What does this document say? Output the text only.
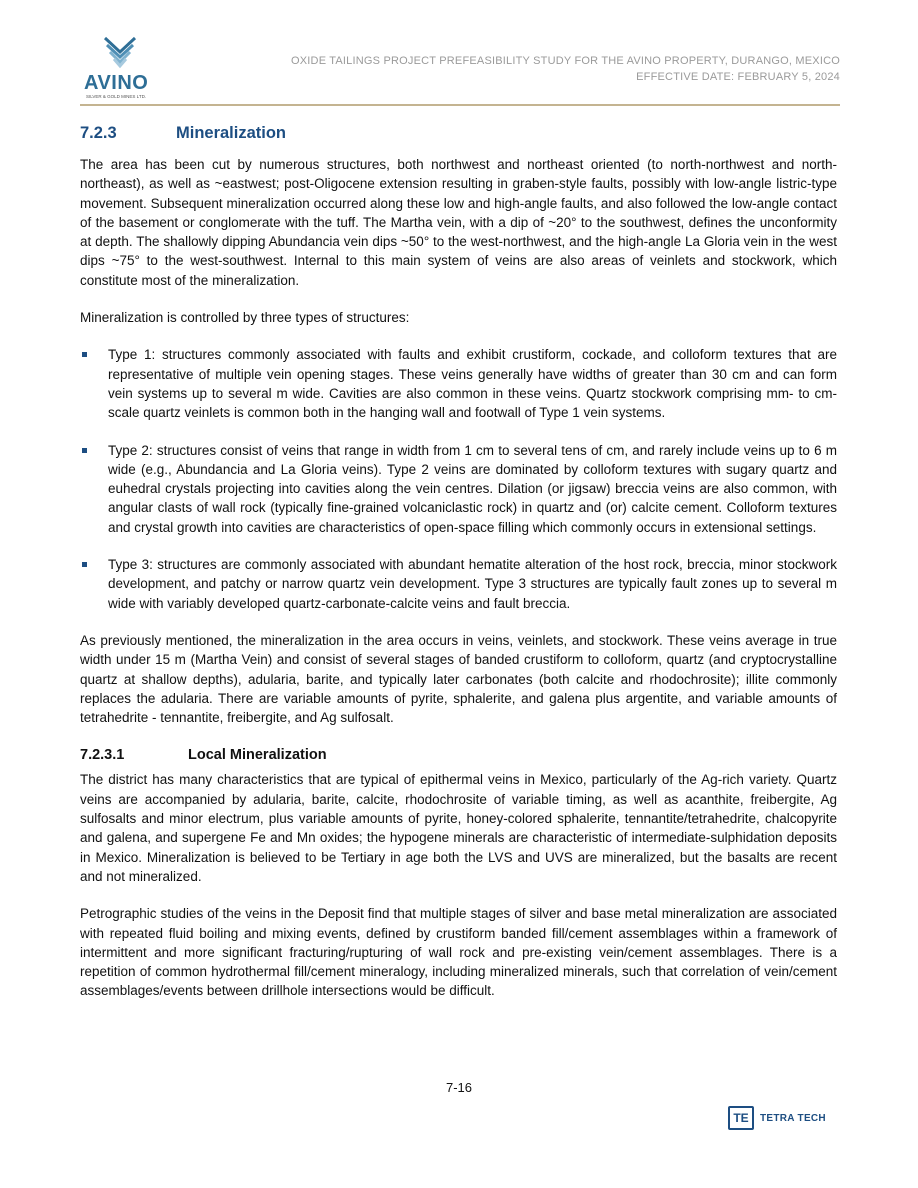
AVINO
SILVER & GOLD MINES LTD.
OXIDE TAILINGS PROJECT PREFEASIBILITY STUDY FOR THE AVINO PROPERTY, DURANGO, MEXICO
EFFECTIVE DATE: FEBRUARY 5, 2024
7.2.3	Mineralization

The area has been cut by numerous structures, both northwest and northeast oriented (to north-northwest and north-northeast), as well as ~eastwest; post-Oligocene extension resulting in graben-style faults, possibly with low-angle listric-type movement. Subsequent mineralization occurred along these low and high-angle faults, and also followed the low-angle contact of the basement or conglomerate with the tuff. The Martha vein, with a dip of ~20° to the southwest, defines the unconformity at depth. The shallowly dipping Abundancia vein dips ~50° to the west-northwest, and the high-angle La Gloria vein in the west dips ~75° to the west-southwest. Internal to this main system of veins are also areas of veinlets and stockwork, which constitute most of the mineralization.

Mineralization is controlled by three types of structures:

Type 1: structures commonly associated with faults and exhibit crustiform, cockade, and colloform textures that are representative of multiple vein opening stages. These veins generally have widths of greater than 30 cm and can form vein systems up to several m wide. Cavities are also common in these veins. Quartz stockwork comprising mm- to cm-scale quartz veinlets is common both in the hanging wall and footwall of Type 1 vein systems.
Type 2: structures consist of veins that range in width from 1 cm to several tens of cm, and rarely include veins up to 6 m wide (e.g., Abundancia and La Gloria veins). Type 2 veins are dominated by colloform textures with sugary quartz and euhedral crystals projecting into cavities along the vein centres. Dilation (or jigsaw) breccia veins are also common, with angular clasts of wall rock (typically fine-grained volcaniclastic rock) in quartz and (or) calcite cement. Colloform textures and crystal growth into cavities are characteristics of open-space filling which commonly occurs in extensional settings.
Type 3: structures are commonly associated with abundant hematite alteration of the host rock, breccia, minor stockwork development, and patchy or narrow quartz vein development. Type 3 structures are typically fault zones up to several m wide with variably developed quartz-carbonate-calcite veins and fault breccia.

As previously mentioned, the mineralization in the area occurs in veins, veinlets, and stockwork. These veins average in true width under 15 m (Martha Vein) and consist of several stages of banded crustiform to colloform, quartz (and cryptocrystalline quartz at shallow depths), adularia, barite, and typically later carbonates (both calcite and rhodochrosite); illite commonly replaces the adularia. There are variable amounts of pyrite, sphalerite, and galena plus argentite, and variable amounts of tetrahedrite - tennantite, freibergite, and Ag sulfosalt.

7.2.3.1	Local Mineralization

The district has many characteristics that are typical of epithermal veins in Mexico, particularly of the Ag-rich variety. Quartz veins are accompanied by adularia, barite, calcite, rhodochrosite of variable timing, as well as acanthite, freibergite, Ag sulfosalts and minor electrum, plus variable amounts of pyrite, honey-colored sphalerite, tennantite/tetrahedrite, chalcopyrite and galena, and supergene Fe and Mn oxides; the hypogene minerals are characteristic of intermediate-sulphidation deposits in Mexico. Mineralization is believed to be Tertiary in age both the LVS and UVS are mineralized, but the basalts are recent and not mineralized.

Petrographic studies of the veins in the Deposit find that multiple stages of silver and base metal mineralization are associated with repeated fluid boiling and mixing events, defined by crustiform banded fill/cement assemblages within a framework of intermittent and more significant fracturing/rupturing of wall rock and pre-existing vein/cement assemblages. There is a repetition of common hydrothermal fill/cement mineralogy, including mineralized minerals, such that correlation of vein/cement assemblages/events between drillhole intersections would be difficult.

7-16
TE	TETRA TECH
